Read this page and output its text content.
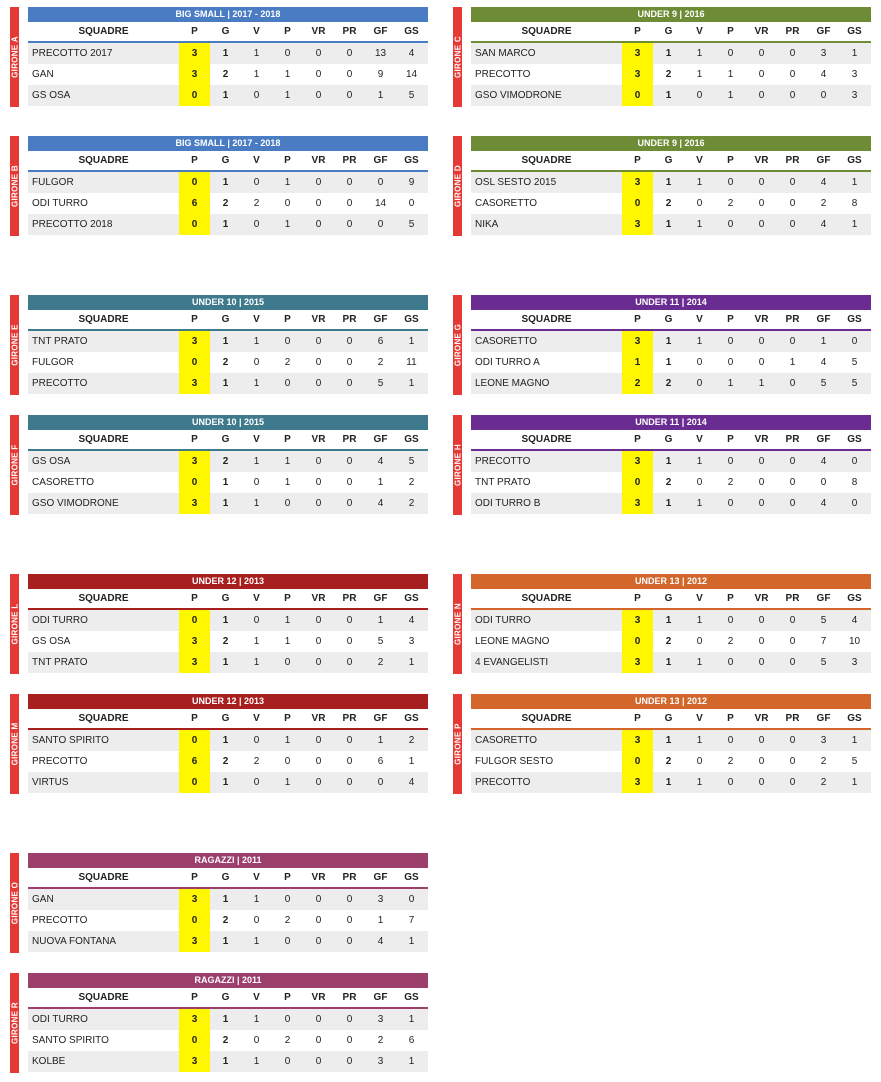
GIRONE A
BIG SMALL | 2017 - 2018
SQUADRE	P	G	V	P	VR	PR	GF	GS
PRECOTTO 2017	3	1	1	0	0	0	13	4
GAN	3	2	1	1	0	0	9	14
GS OSA	0	1	0	1	0	0	1	5
GIRONE C
UNDER 9 | 2016
SQUADRE	P	G	V	P	VR	PR	GF	GS
SAN MARCO	3	1	1	0	0	0	3	1
PRECOTTO	3	2	1	1	0	0	4	3
GSO VIMODRONE	0	1	0	1	0	0	0	3
GIRONE B
BIG SMALL | 2017 - 2018
SQUADRE	P	G	V	P	VR	PR	GF	GS
FULGOR	0	1	0	1	0	0	0	9
ODI TURRO	6	2	2	0	0	0	14	0
PRECOTTO 2018	0	1	0	1	0	0	0	5
GIRONE D
UNDER 9 | 2016
SQUADRE	P	G	V	P	VR	PR	GF	GS
OSL SESTO 2015	3	1	1	0	0	0	4	1
CASORETTO	0	2	0	2	0	0	2	8
NIKA	3	1	1	0	0	0	4	1
GIRONE E
UNDER 10 | 2015
SQUADRE	P	G	V	P	VR	PR	GF	GS
TNT PRATO	3	1	1	0	0	0	6	1
FULGOR	0	2	0	2	0	0	2	11
PRECOTTO	3	1	1	0	0	0	5	1
GIRONE G
UNDER 11 | 2014
SQUADRE	P	G	V	P	VR	PR	GF	GS
CASORETTO	3	1	1	0	0	0	1	0
ODI TURRO A	1	1	0	0	0	1	4	5
LEONE MAGNO	2	2	0	1	1	0	5	5
GIRONE F
UNDER 10 | 2015
SQUADRE	P	G	V	P	VR	PR	GF	GS
GS OSA	3	2	1	1	0	0	4	5
CASORETTO	0	1	0	1	0	0	1	2
GSO VIMODRONE	3	1	1	0	0	0	4	2
GIRONE H
UNDER 11 | 2014
SQUADRE	P	G	V	P	VR	PR	GF	GS
PRECOTTO	3	1	1	0	0	0	4	0
TNT PRATO	0	2	0	2	0	0	0	8
ODI TURRO B	3	1	1	0	0	0	4	0
GIRONE L
UNDER 12 | 2013
SQUADRE	P	G	V	P	VR	PR	GF	GS
ODI TURRO	0	1	0	1	0	0	1	4
GS OSA	3	2	1	1	0	0	5	3
TNT PRATO	3	1	1	0	0	0	2	1
GIRONE N
UNDER 13 | 2012
SQUADRE	P	G	V	P	VR	PR	GF	GS
ODI TURRO	3	1	1	0	0	0	5	4
LEONE MAGNO	0	2	0	2	0	0	7	10
4 EVANGELISTI	3	1	1	0	0	0	5	3
GIRONE M
UNDER 12 | 2013
SQUADRE	P	G	V	P	VR	PR	GF	GS
SANTO SPIRITO	0	1	0	1	0	0	1	2
PRECOTTO	6	2	2	0	0	0	6	1
VIRTUS	0	1	0	1	0	0	0	4
GIRONE P
UNDER 13 | 2012
SQUADRE	P	G	V	P	VR	PR	GF	GS
CASORETTO	3	1	1	0	0	0	3	1
FULGOR SESTO	0	2	0	2	0	0	2	5
PRECOTTO	3	1	1	0	0	0	2	1
GIRONE O
RAGAZZI | 2011
SQUADRE	P	G	V	P	VR	PR	GF	GS
GAN	3	1	1	0	0	0	3	0
PRECOTTO	0	2	0	2	0	0	1	7
NUOVA FONTANA	3	1	1	0	0	0	4	1
GIRONE R
RAGAZZI | 2011
SQUADRE	P	G	V	P	VR	PR	GF	GS
ODI TURRO	3	1	1	0	0	0	3	1
SANTO SPIRITO	0	2	0	2	0	0	2	6
KOLBE	3	1	1	0	0	0	3	1
